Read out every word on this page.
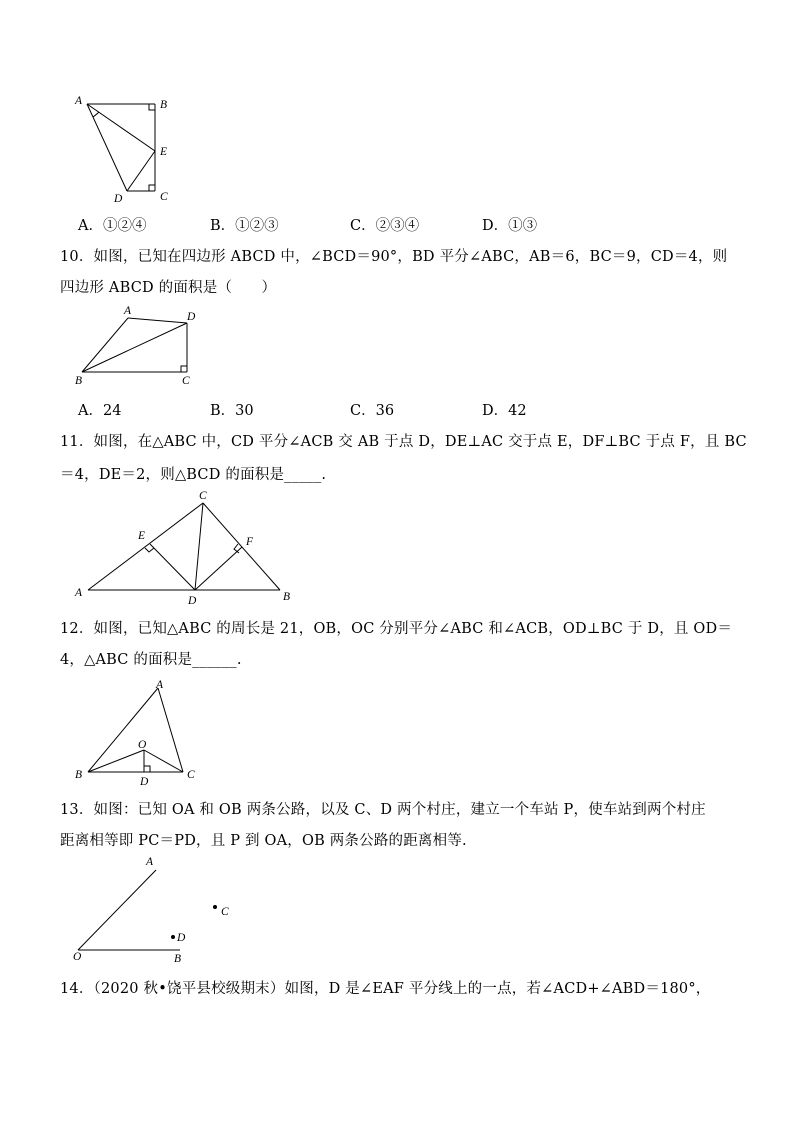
A	B
E
D	C
A．①②④	B．①②③	C．②③④	D．①③
10．如图，已知在四边形 ABCD 中，∠BCD＝90°，BD 平分∠ABC，AB＝6，BC＝9，CD＝4，则
四边形 ABCD 的面积是（　　）
A	D
B	C
A．24	B．30	C．36	D．42
11．如图，在△ABC 中，CD 平分∠ACB 交 AB 于点 D，DE⊥AC 交于点 E，DF⊥BC 于点 F，且 BC
＝4，DE＝2，则△BCD 的面积是_____.
C
E	F
A
D	B
12．如图，已知△ABC 的周长是 21，OB，OC 分别平分∠ABC 和∠ACB，OD⊥BC 于 D，且 OD＝
4，△ABC 的面积是______.
A
O
B
D
C
13．如图：已知 OA 和 OB 两条公路，以及 C、D 两个村庄，建立一个车站 P，使车站到两个村庄
距离相等即 PC＝PD，且 P 到 OA，OB 两条公路的距离相等.
A
C
D
O	B
14．（2020 秋•饶平县校级期末）如图，D 是∠EAF 平分线上的一点，若∠ACD+∠ABD＝180°，
